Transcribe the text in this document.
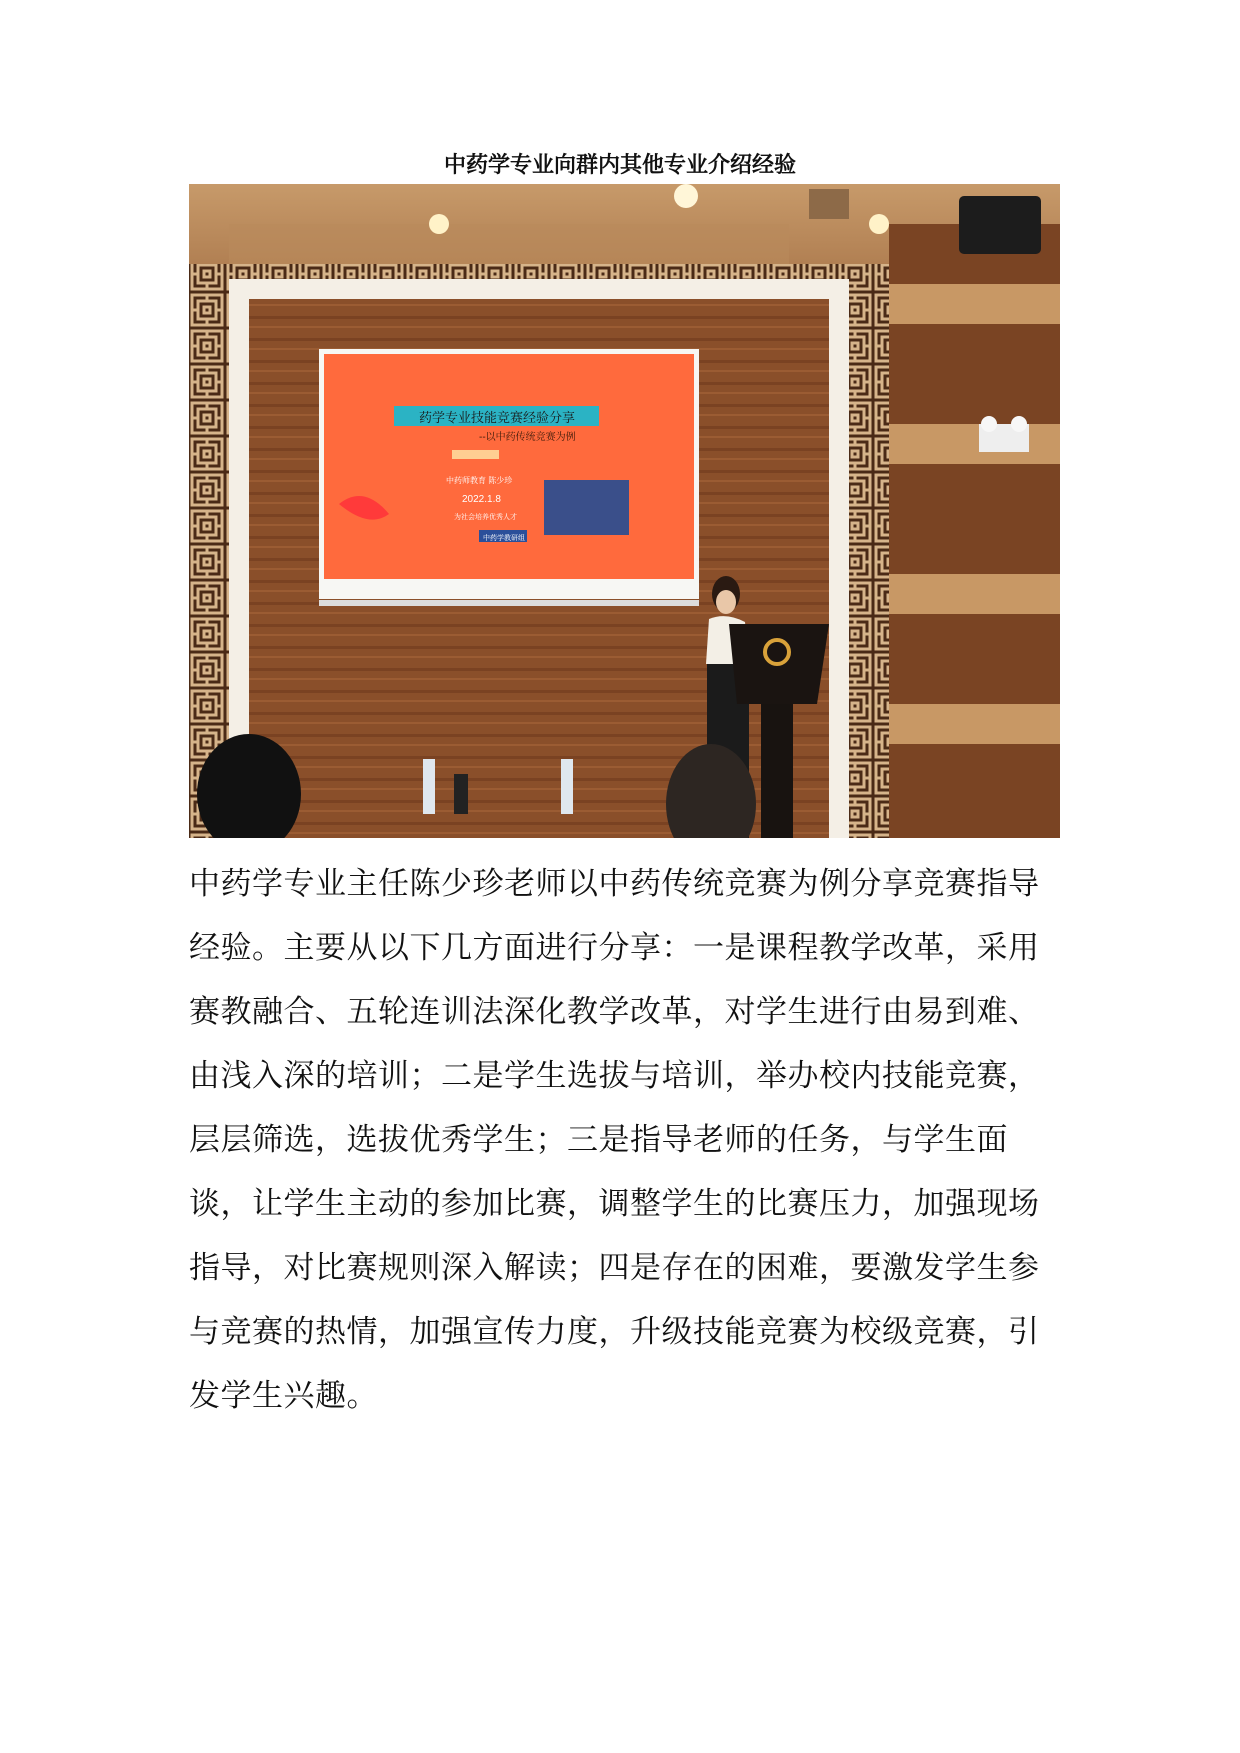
中药学专业向群内其他专业介绍经验
药学专业技能竞赛经验分享
--以中药传统竞赛为例
中药师教育 陈少珍
2022.1.8
为社会培养优秀人才
中药学教研组

中药学专业主任陈少珍老师以中药传统竞赛为例分享竞赛指导经验。主要从以下几方面进行分享：一是课程教学改革，采用赛教融合、五轮连训法深化教学改革，对学生进行由易到难、由浅入深的培训；二是学生选拔与培训，举办校内技能竞赛，层层筛选，选拔优秀学生；三是指导老师的任务，与学生面谈，让学生主动的参加比赛，调整学生的比赛压力，加强现场指导，对比赛规则深入解读；四是存在的困难，要激发学生参与竞赛的热情，加强宣传力度，升级技能竞赛为校级竞赛，引发学生兴趣。
